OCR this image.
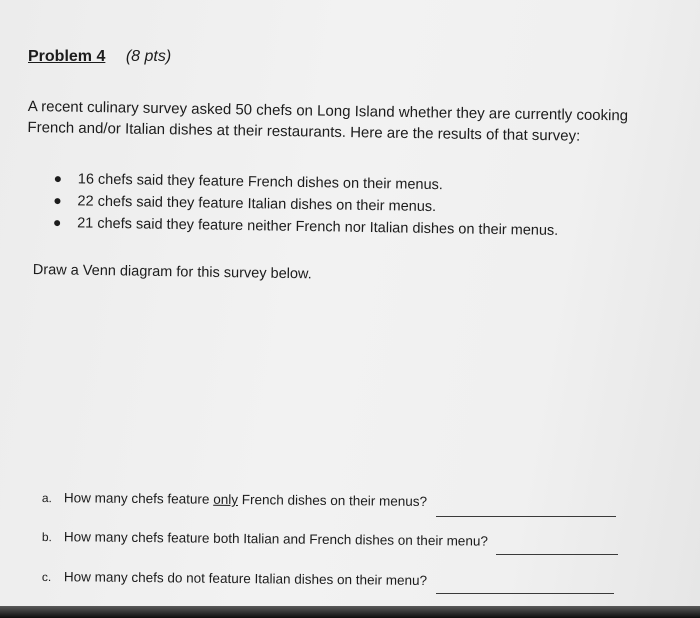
Problem 4 (8 pts)

A recent culinary survey asked 50 chefs on Long Island whether they are currently cooking French and/or Italian dishes at their restaurants. Here are the results of that survey:

16 chefs said they feature French dishes on their menus.
22 chefs said they feature Italian dishes on their menus.
21 chefs said they feature neither French nor Italian dishes on their menus.

Draw a Venn diagram for this survey below.

a. How many chefs feature only French dishes on their menus?
b. How many chefs feature both Italian and French dishes on their menu?
c. How many chefs do not feature Italian dishes on their menu?
